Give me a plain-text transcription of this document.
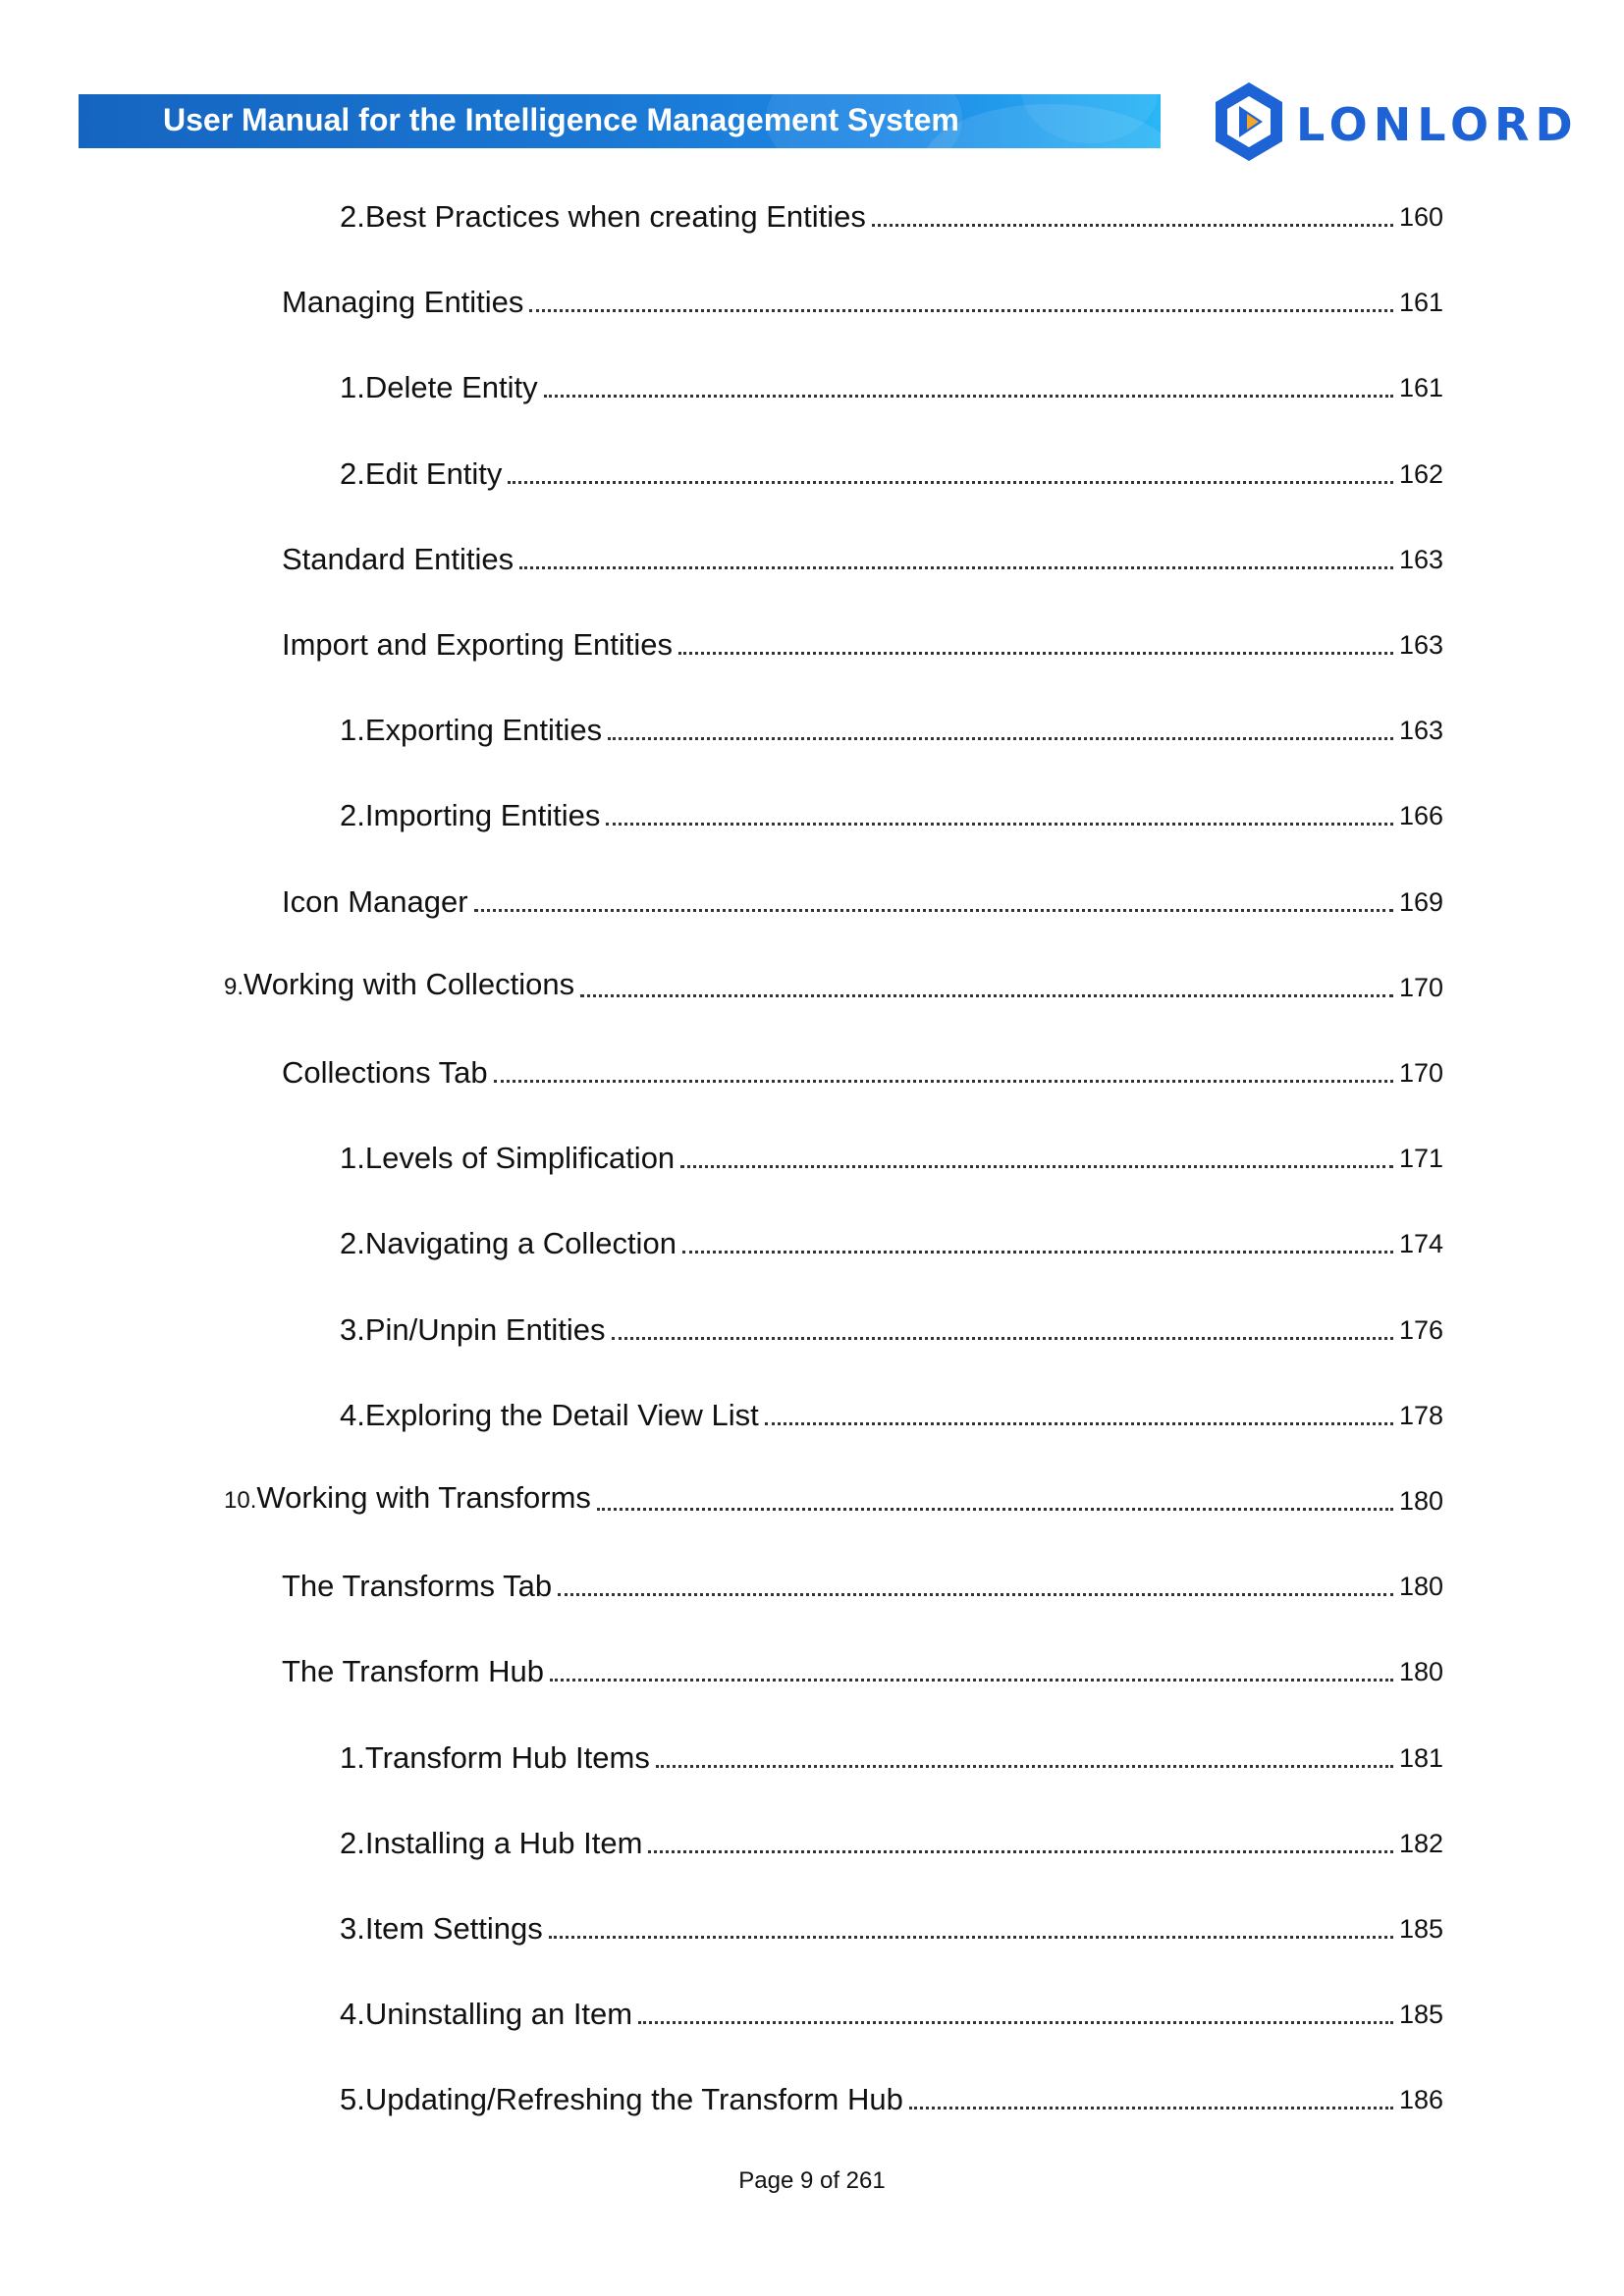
User Manual for the Intelligence Management System	LONLORD
2.Best Practices when creating Entities	160
Managing Entities	161
1.Delete Entity	161
2.Edit Entity	162
Standard Entities	163
Import and Exporting Entities	163
1.Exporting Entities	163
2.Importing Entities	166
Icon Manager	169
9.Working with Collections	170
Collections Tab	170
1.Levels of Simplification	171
2.Navigating a Collection	174
3.Pin/Unpin Entities	176
4.Exploring the Detail View List	178
10.Working with Transforms	180
The Transforms Tab	180
The Transform Hub	180
1.Transform Hub Items	181
2.Installing a Hub Item	182
3.Item Settings	185
4.Uninstalling an Item	185
5.Updating/Refreshing the Transform Hub	186
Page 9 of 261
